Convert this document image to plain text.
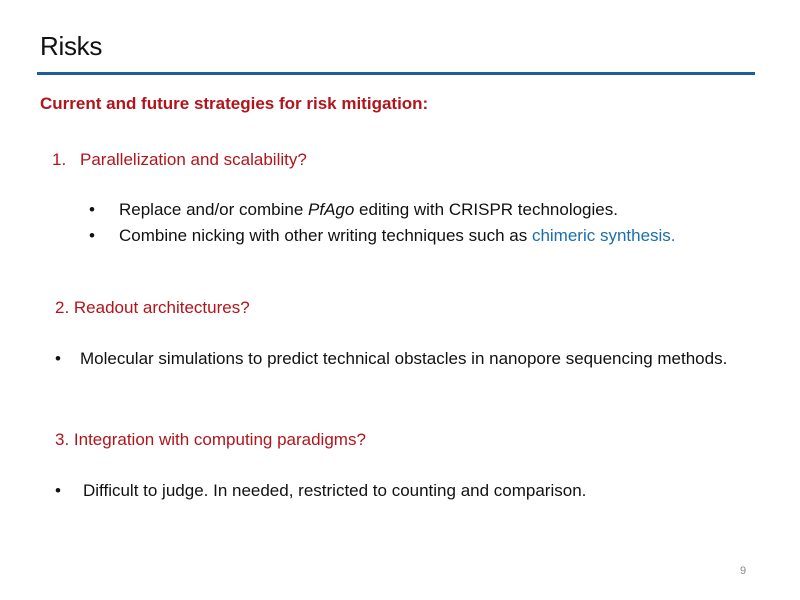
Risks
Current and future strategies for risk mitigation:
1. Parallelization and scalability?
• Replace and/or combine PfAgo editing with CRISPR technologies.
• Combine nicking with other writing techniques such as chimeric synthesis.
2. Readout architectures?
• Molecular simulations to predict technical obstacles in nanopore sequencing methods.
3. Integration with computing paradigms?
• Difficult to judge. In needed, restricted to counting and comparison.
9
